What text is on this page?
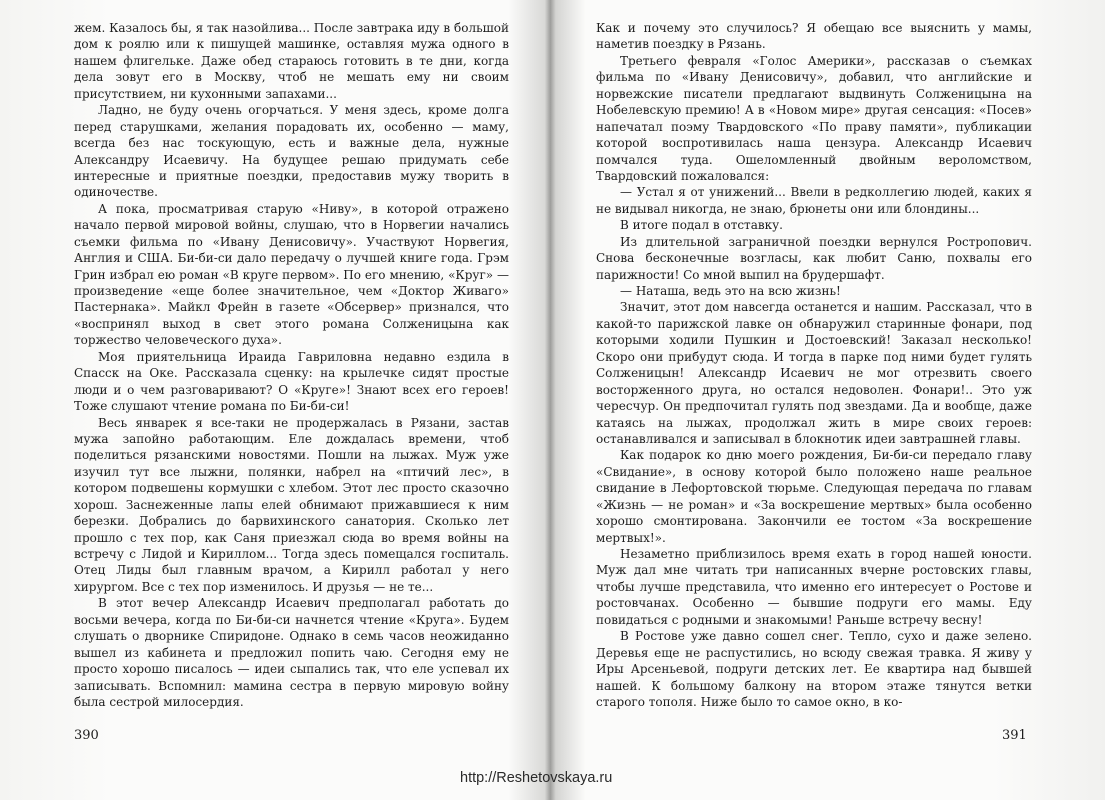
жем. Казалось бы, я так назойлива... После завтрака иду в большой дом к роялю или к пишущей машинке, оставляя мужа одного в нашем флигельке. Даже обед стараюсь готовить в те дни, когда дела зовут его в Москву, чтоб не мешать ему ни своим присутствием, ни кухонными запахами...

Ладно, не буду очень огорчаться. У меня здесь, кроме долга перед старушками, желания порадовать их, особенно — маму, всегда без нас тоскующую, есть и важные дела, нужные Александру Исаевичу. На будущее решаю придумать себе интересные и приятные поездки, предоставив мужу творить в одиночестве.

А пока, просматривая старую «Ниву», в которой отражено начало первой мировой войны, слушаю, что в Норвегии начались съемки фильма по «Ивану Денисовичу». Участвуют Норвегия, Англия и США. Би-би-си дало передачу о лучшей книге года. Грэм Грин избрал ею роман «В круге первом». По его мнению, «Круг» — произведение «еще более значительное, чем «Доктор Живаго» Пастернака». Майкл Фрейн в газете «Обсервер» признался, что «воспринял выход в свет этого романа Солженицына как торжество человеческого духа».

Моя приятельница Ираида Гавриловна недавно ездила в Спасск на Оке. Рассказала сценку: на крылечке сидят простые люди и о чем разговаривают? О «Круге»! Знают всех его героев! Тоже слушают чтение романа по Би-би-си!

Весь январек я все-таки не продержалась в Рязани, застав мужа запойно работающим. Еле дождалась времени, чтоб поделиться рязанскими новостями. Пошли на лыжах. Муж уже изучил тут все лыжни, полянки, набрел на «птичий лес», в котором подвешены кормушки с хлебом. Этот лес просто сказочно хорош. Заснеженные лапы елей обнимают прижавшиеся к ним березки. Добрались до барвихинского санатория. Сколько лет прошло с тех пор, как Саня приезжал сюда во время войны на встречу с Лидой и Кириллом... Тогда здесь помещался госпиталь. Отец Лиды был главным врачом, а Кирилл работал у него хирургом. Все с тех пор изменилось. И друзья — не те...

В этот вечер Александр Исаевич предполагал работать до восьми вечера, когда по Би-би-си начнется чтение «Круга». Будем слушать о дворнике Спиридоне. Однако в семь часов неожиданно вышел из кабинета и предложил попить чаю. Сегодня ему не просто хорошо писалось — идеи сыпались так, что еле успевал их записывать. Вспомнил: мамина сестра в первую мировую войну была сестрой милосердия.

390

Как и почему это случилось? Я обещаю все выяснить у мамы, наметив поездку в Рязань.

Третьего февраля «Голос Америки», рассказав о съемках фильма по «Ивану Денисовичу», добавил, что английские и норвежские писатели предлагают выдвинуть Солженицына на Нобелевскую премию! А в «Новом мире» другая сенсация: «Посев» напечатал поэму Твардовского «По праву памяти», публикации которой воспротивилась наша цензура. Александр Исаевич помчался туда. Ошеломленный двойным вероломством, Твардовский пожаловался:

— Устал я от унижений... Ввели в редколлегию людей, каких я не видывал никогда, не знаю, брюнеты они или блондины...

В итоге подал в отставку.

Из длительной заграничной поездки вернулся Ростропович. Снова бесконечные возгласы, как любит Саню, похвалы его парижности! Со мной выпил на брудершафт.

— Наташа, ведь это на всю жизнь!

Значит, этот дом навсегда останется и нашим. Рассказал, что в какой-то парижской лавке он обнаружил старинные фонари, под которыми ходили Пушкин и Достоевский! Заказал несколько! Скоро они прибудут сюда. И тогда в парке под ними будет гулять Солженицын! Александр Исаевич не мог отрезвить своего восторженного друга, но остался недоволен. Фонари!.. Это уж чересчур. Он предпочитал гулять под звездами. Да и вообще, даже катаясь на лыжах, продолжал жить в мире своих героев: останавливался и записывал в блокнотик идеи завтрашней главы.

Как подарок ко дню моего рождения, Би-би-си передало главу «Свидание», в основу которой было положено наше реальное свидание в Лефортовской тюрьме. Следующая передача по главам «Жизнь — не роман» и «За воскрешение мертвых» была особенно хорошо смонтирована. Закончили ее тостом «За воскрешение мертвых!».

Незаметно приблизилось время ехать в город нашей юности. Муж дал мне читать три написанных вчерне ростовских главы, чтобы лучше представила, что именно его интересует о Ростове и ростовчанах. Особенно — бывшие подруги его мамы. Еду повидаться с родными и знакомыми! Раньше встречу весну!

В Ростове уже давно сошел снег. Тепло, сухо и даже зелено. Деревья еще не распустились, но всюду свежая травка. Я живу у Иры Арсеньевой, подруги детских лет. Ее квартира над бывшей нашей. К большому балкону на втором этаже тянутся ветки старого тополя. Ниже было то самое окно, в ко-

391
http://Reshetovskaya.ru
